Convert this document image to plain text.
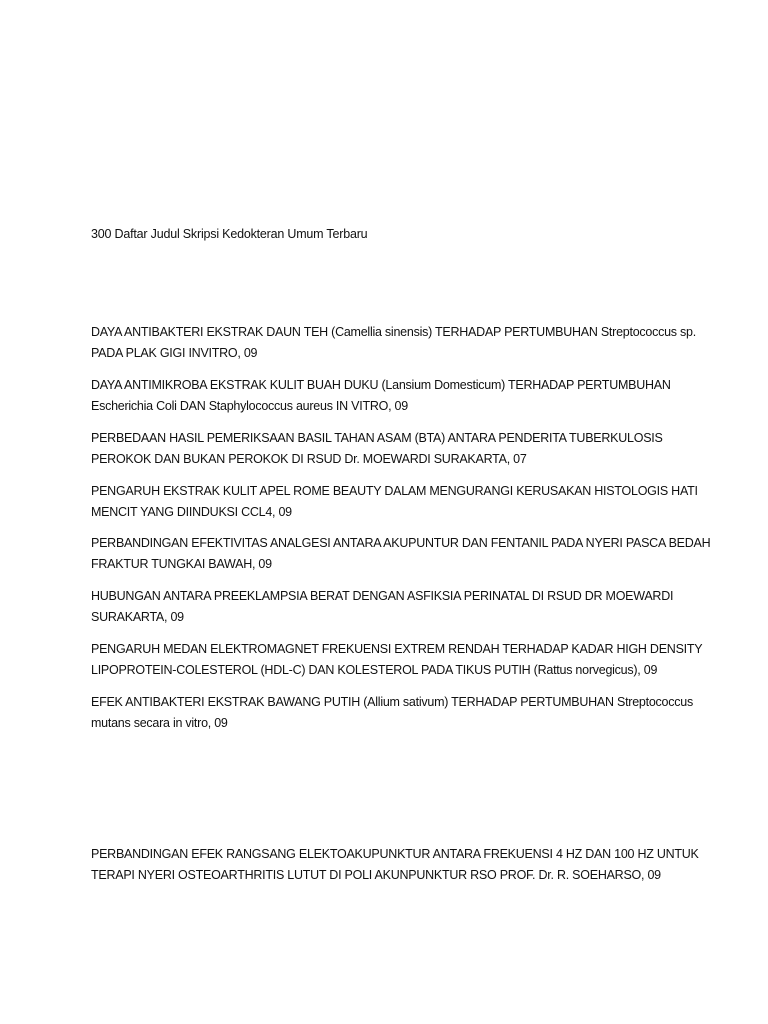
300 Daftar Judul Skripsi Kedokteran Umum Terbaru

DAYA ANTIBAKTERI EKSTRAK DAUN TEH (Camellia sinensis) TERHADAP PERTUMBUHAN Streptococcus sp.
PADA PLAK GIGI INVITRO, 09

DAYA ANTIMIKROBA EKSTRAK KULIT BUAH DUKU (Lansium Domesticum) TERHADAP PERTUMBUHAN
Escherichia Coli DAN Staphylococcus aureus IN VITRO, 09

PERBEDAAN HASIL PEMERIKSAAN BASIL TAHAN ASAM (BTA) ANTARA PENDERITA TUBERKULOSIS
PEROKOK DAN BUKAN PEROKOK DI RSUD Dr. MOEWARDI SURAKARTA, 07

PENGARUH EKSTRAK KULIT APEL ROME BEAUTY DALAM MENGURANGI KERUSAKAN HISTOLOGIS HATI
MENCIT YANG DIINDUKSI CCL4, 09

PERBANDINGAN EFEKTIVITAS ANALGESI ANTARA AKUPUNTUR DAN FENTANIL PADA NYERI PASCA BEDAH
FRAKTUR TUNGKAI BAWAH, 09

HUBUNGAN ANTARA PREEKLAMPSIA BERAT DENGAN ASFIKSIA PERINATAL DI RSUD DR MOEWARDI
SURAKARTA, 09

PENGARUH MEDAN ELEKTROMAGNET FREKUENSI EXTREM RENDAH TERHADAP KADAR HIGH DENSITY
LIPOPROTEIN-COLESTEROL (HDL-C) DAN KOLESTEROL PADA TIKUS PUTIH (Rattus norvegicus), 09

EFEK ANTIBAKTERI EKSTRAK BAWANG PUTIH (Allium sativum) TERHADAP PERTUMBUHAN Streptococcus
mutans secara in vitro, 09

PERBANDINGAN EFEK RANGSANG ELEKTOAKUPUNKTUR ANTARA FREKUENSI 4 HZ DAN 100 HZ UNTUK
TERAPI NYERI OSTEOARTHRITIS LUTUT DI POLI AKUNPUNKTUR RSO PROF. Dr. R. SOEHARSO, 09
